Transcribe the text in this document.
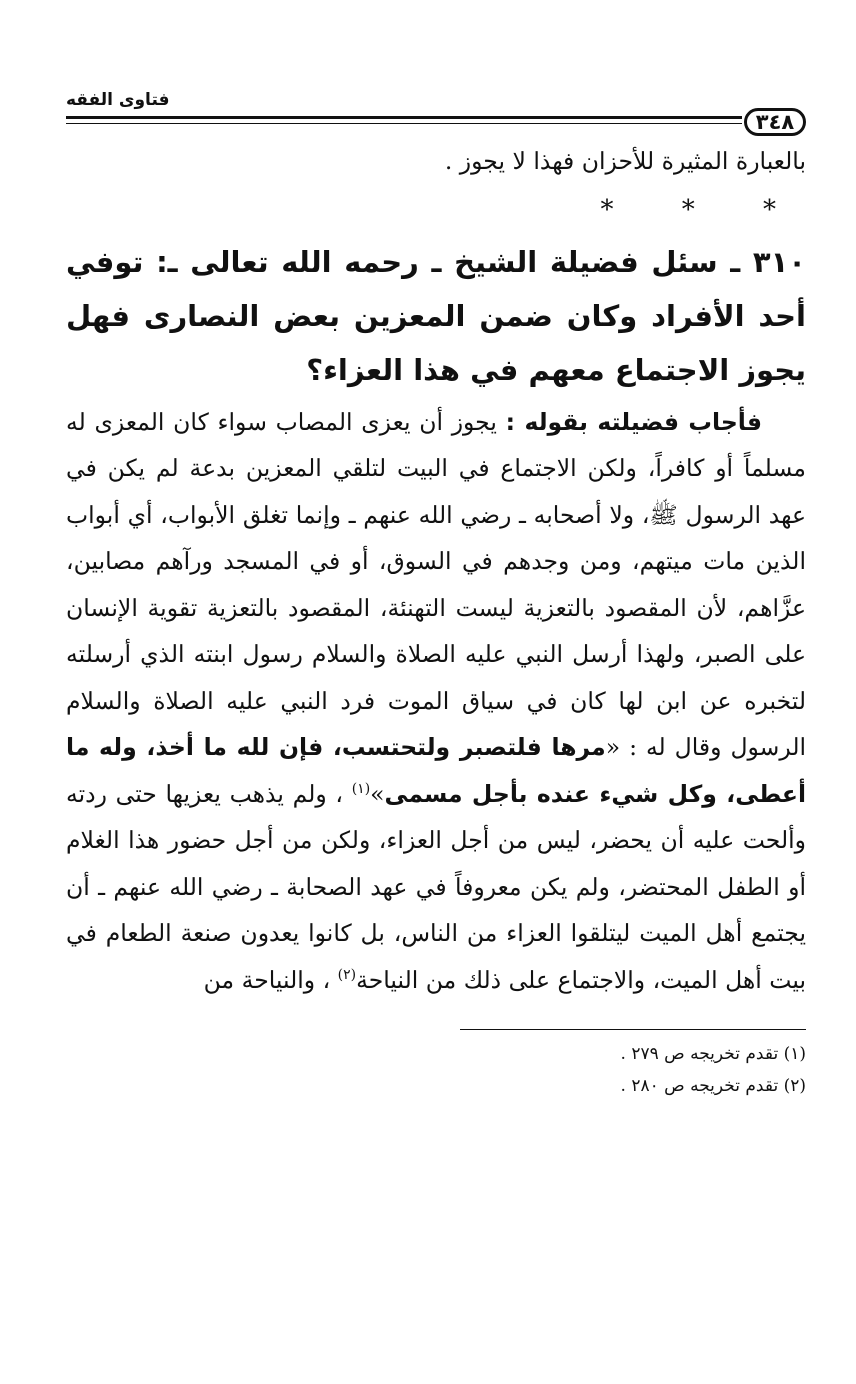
٣٤٨
فتاوى الفقه

بالعبارة المثيرة للأحزان فهذا لا يجوز .

* * *

٣١٠ ـ سئل فضيلة الشيخ ـ رحمه الله تعالى ـ: توفي أحد الأفراد وكان ضمن المعزين بعض النصارى فهل يجوز الاجتماع معهم في هذا العزاء؟

فأجاب فضيلته بقوله : يجوز أن يعزى المصاب سواء كان المعزى له مسلماً أو كافراً، ولكن الاجتماع في البيت لتلقي المعزين بدعة لم يكن في عهد الرسول ﷺ، ولا أصحابه ـ رضي الله عنهم ـ وإنما تغلق الأبواب، أي أبواب الذين مات ميتهم، ومن وجدهم في السوق، أو في المسجد ورآهم مصابين، عزَّاهم، لأن المقصود بالتعزية ليست التهنئة، المقصود بالتعزية تقوية الإنسان على الصبر، ولهذا أرسل النبي عليه الصلاة والسلام رسول ابنته الذي أرسلته لتخبره عن ابن لها كان في سياق الموت فرد النبي عليه الصلاة والسلام الرسول وقال له : «مرها فلتصبر ولتحتسب، فإن لله ما أخذ، وله ما أعطى، وكل شيء عنده بأجل مسمى»$^{(١)}$ ، ولم يذهب يعزيها حتى ردته وألحت عليه أن يحضر، ليس من أجل العزاء، ولكن من أجل حضور هذا الغلام أو الطفل المحتضر، ولم يكن معروفاً في عهد الصحابة ـ رضي الله عنهم ـ أن يجتمع أهل الميت ليتلقوا العزاء من الناس، بل كانوا يعدون صنعة الطعام في بيت أهل الميت، والاجتماع على ذلك من النياحة$^{(٢)}$ ، والنياحة من

(١) تقدم تخريجه ص ٢٧٩ .

(٢) تقدم تخريجه ص ٢٨٠ .
